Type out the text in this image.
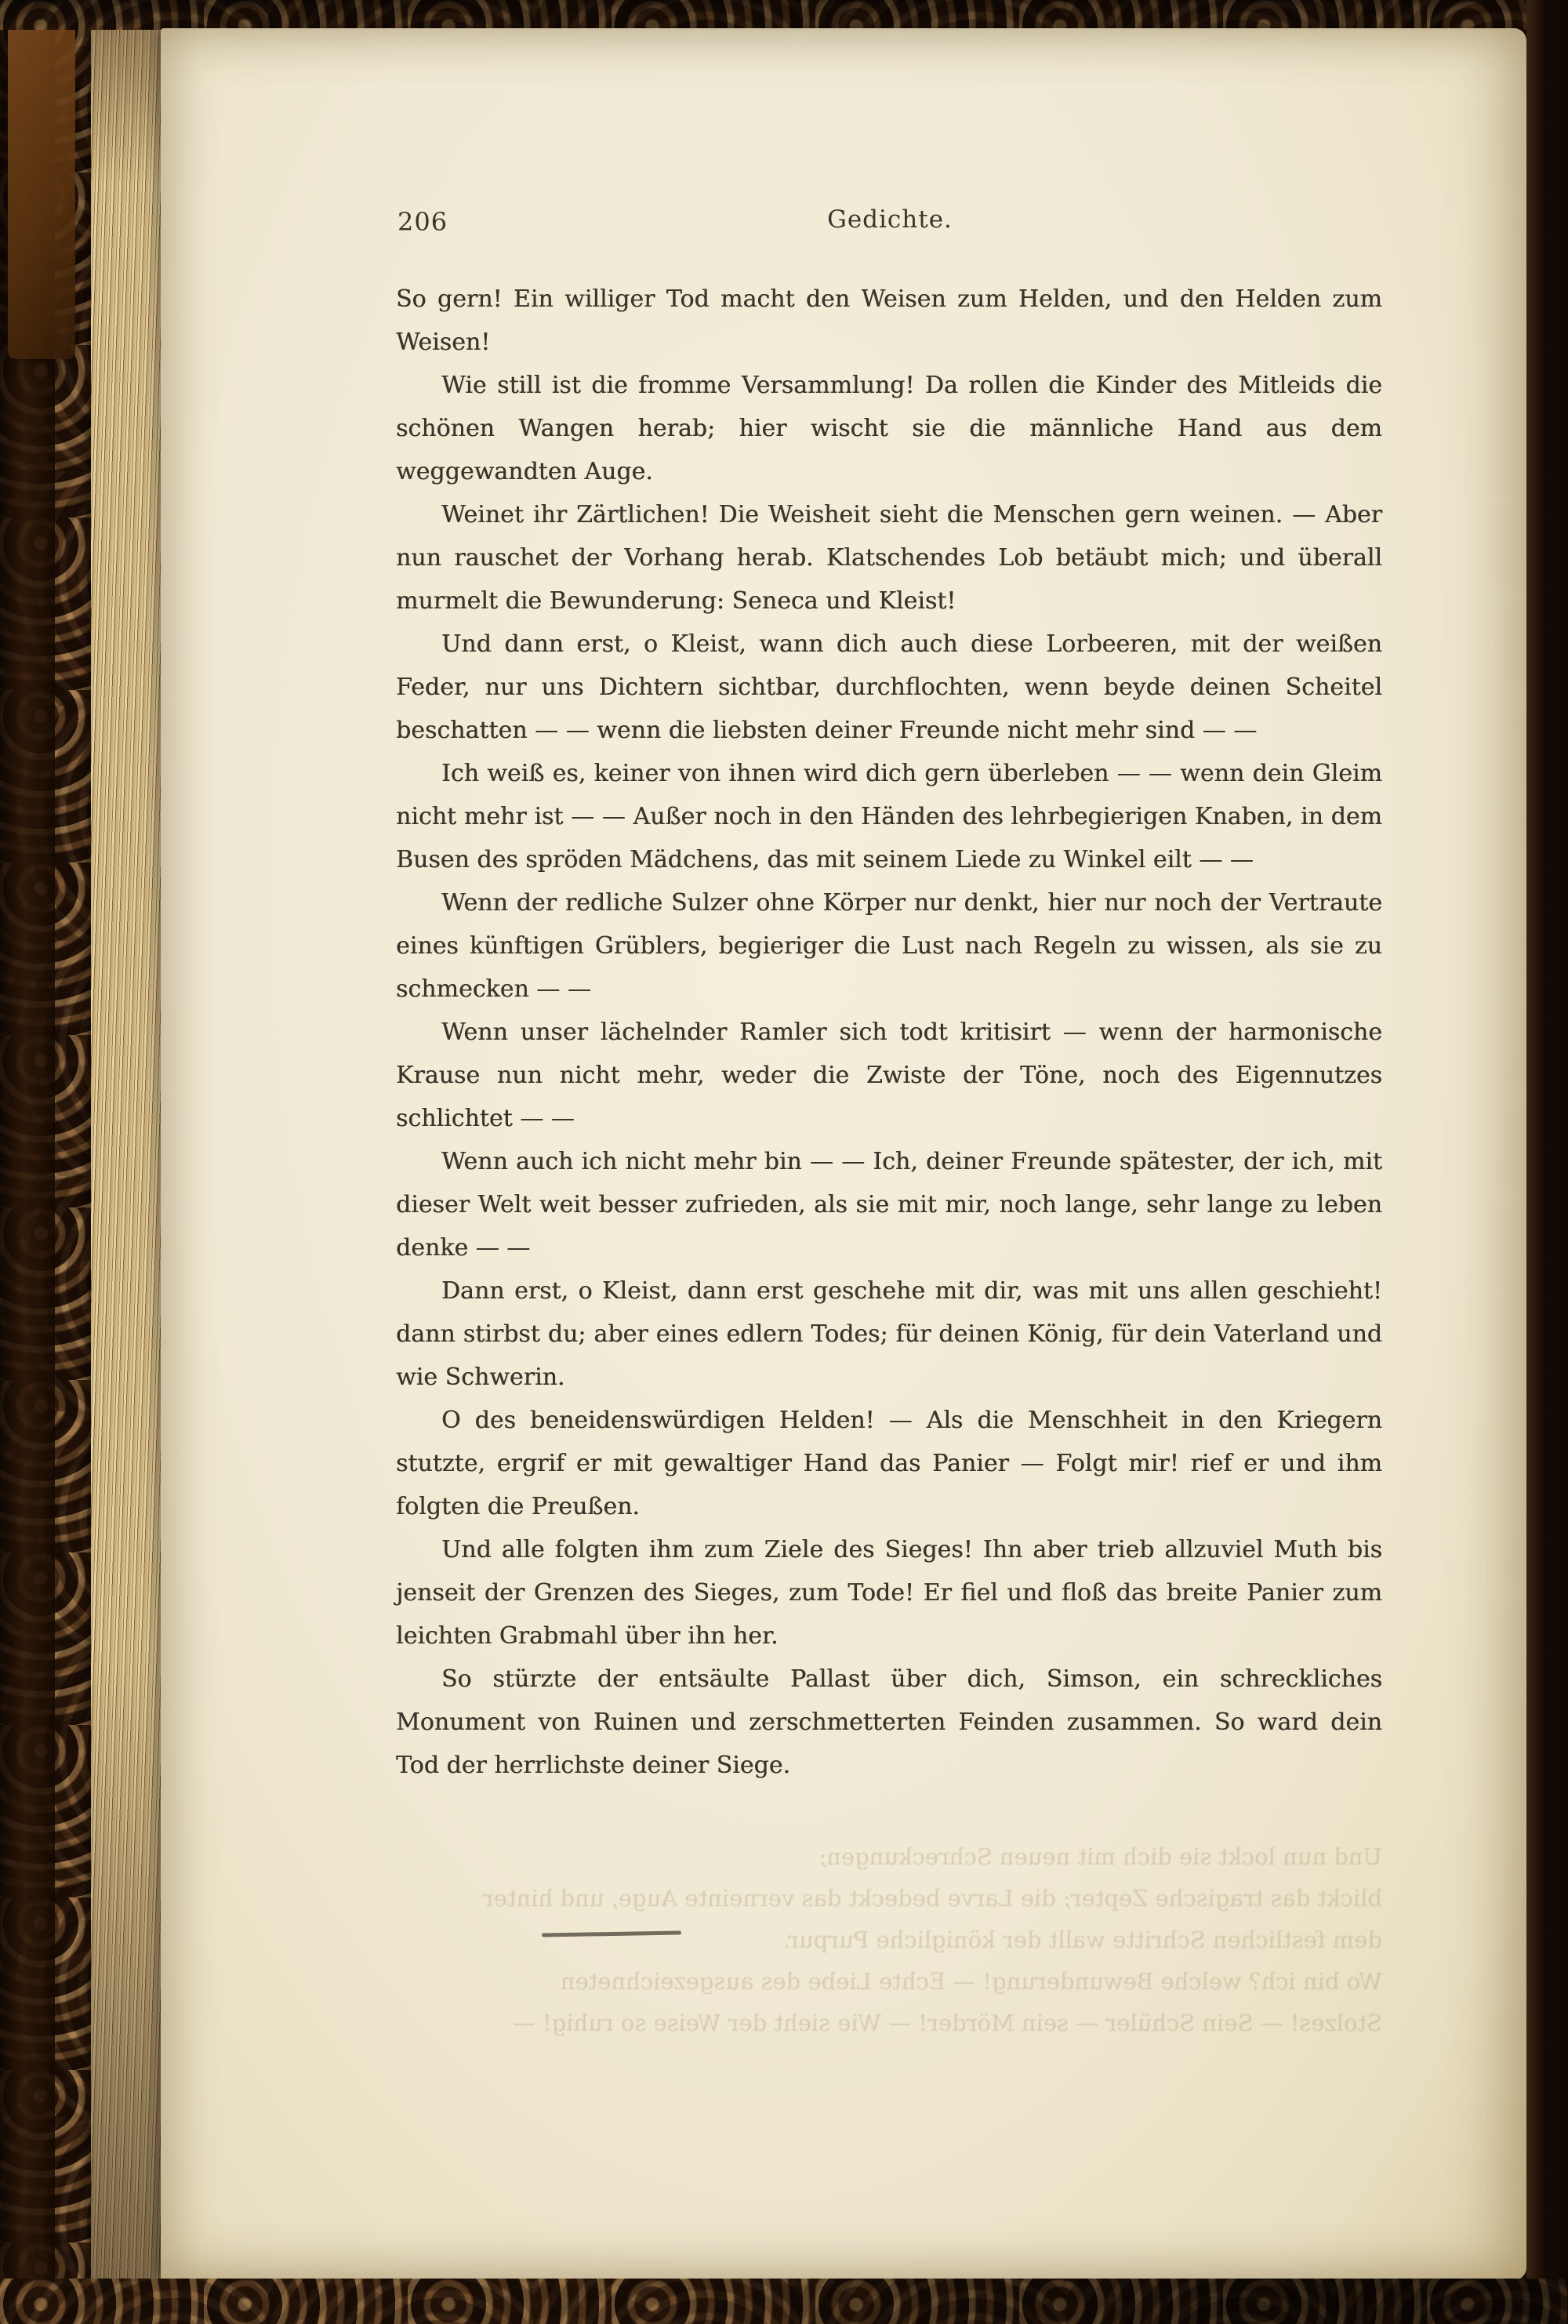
206	Gedichte.

So gern! Ein williger Tod macht den Weisen zum Helden, und den Helden zum Weisen!

Wie still ist die fromme Versammlung! Da rollen die Kinder des Mitleids die schönen Wangen herab; hier wischt sie die männliche Hand aus dem weggewandten Auge.

Weinet ihr Zärtlichen! Die Weisheit sieht die Menschen gern weinen. — Aber nun rauschet der Vorhang herab. Klatschendes Lob betäubt mich; und überall murmelt die Bewunderung: Seneca und Kleist!

Und dann erst, o Kleist, wann dich auch diese Lorbeeren, mit der weißen Feder, nur uns Dichtern sichtbar, durchflochten, wenn beyde deinen Scheitel beschatten — — wenn die liebsten deiner Freunde nicht mehr sind — —

Ich weiß es, keiner von ihnen wird dich gern überleben — — wenn dein Gleim nicht mehr ist — — Außer noch in den Händen des lehrbegierigen Knaben, in dem Busen des spröden Mädchens, das mit seinem Liede zu Winkel eilt — —

Wenn der redliche Sulzer ohne Körper nur denkt, hier nur noch der Vertraute eines künftigen Grüblers, begieriger die Lust nach Regeln zu wissen, als sie zu schmecken — —

Wenn unser lächelnder Ramler sich todt kritisirt — wenn der harmonische Krause nun nicht mehr, weder die Zwiste der Töne, noch des Eigennutzes schlichtet — —

Wenn auch ich nicht mehr bin — — Ich, deiner Freunde spätester, der ich, mit dieser Welt weit besser zufrieden, als sie mit mir, noch lange, sehr lange zu leben denke — —

Dann erst, o Kleist, dann erst geschehe mit dir, was mit uns allen geschieht! dann stirbst du; aber eines edlern Todes; für deinen König, für dein Vaterland und wie Schwerin.

O des beneidenswürdigen Helden! — Als die Menschheit in den Kriegern stutzte, ergrif er mit gewaltiger Hand das Panier — Folgt mir! rief er und ihm folgten die Preußen.

Und alle folgten ihm zum Ziele des Sieges! Ihn aber trieb allzuviel Muth bis jenseit der Grenzen des Sieges, zum Tode! Er fiel und floß das breite Panier zum leichten Grabmahl über ihn her.

So stürzte der entsäulte Pallast über dich, Simson, ein schreckliches Monument von Ruinen und zerschmetterten Feinden zusammen. So ward dein Tod der herrlichste deiner Siege.

Und nun lockt sie dich mit neuen Schreckungen;
blickt das tragische Zepter; die Larve bedeckt das verneinte Auge, und hinter
dem festlichen Schritte wallt der königliche Purpur.
Wo bin ich? welche Bewunderung! — Echte Liebe des ausgezeichneten
Stolzes! — Sein Schüler — sein Mörder! — Wie sieht der Weise so ruhig! —
